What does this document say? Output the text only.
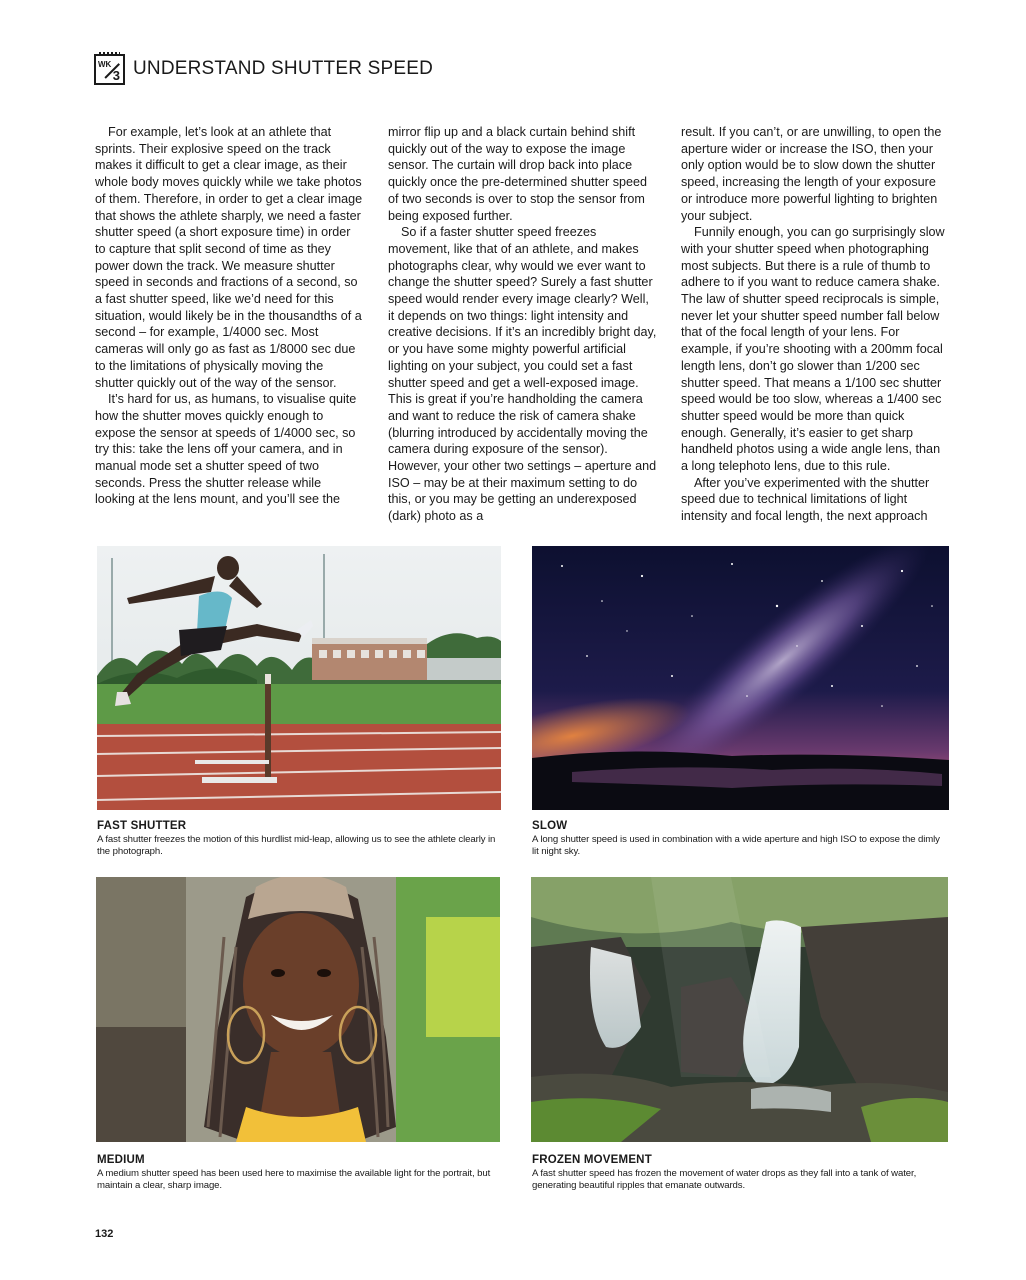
WK
3 UNDERSTAND SHUTTER SPEED

For example, let’s look at an athlete that sprints. Their explosive speed on the track makes it difficult to get a clear image, as their whole body moves quickly while we take photos of them. Therefore, in order to get a clear image that shows the athlete sharply, we need a faster shutter speed (a short exposure time) in order to capture that split second of time as they power down the track. We measure shutter speed in seconds and fractions of a second, so a fast shutter speed, like we’d need for this situation, would likely be in the thousandths of a second – for example, 1/4000 sec. Most cameras will only go as fast as 1/8000 sec due to the limitations of physically moving the shutter quickly out of the way of the sensor.

It’s hard for us, as humans, to visualise quite how the shutter moves quickly enough to expose the sensor at speeds of 1/4000 sec, so try this: take the lens off your camera, and in manual mode set a shutter speed of two seconds. Press the shutter release while looking at the lens mount, and you’ll see the

mirror flip up and a black curtain behind shift quickly out of the way to expose the image sensor. The curtain will drop back into place quickly once the pre-determined shutter speed of two seconds is over to stop the sensor from being exposed further.

So if a faster shutter speed freezes movement, like that of an athlete, and makes photographs clear, why would we ever want to change the shutter speed? Surely a fast shutter speed would render every image clearly? Well, it depends on two things: light intensity and creative decisions. If it’s an incredibly bright day, or you have some mighty powerful artificial lighting on your subject, you could set a fast shutter speed and get a well-exposed image. This is great if you’re handholding the camera and want to reduce the risk of camera shake (blurring introduced by accidentally moving the camera during exposure of the sensor). However, your other two settings – aperture and ISO – may be at their maximum setting to do this, or you may be getting an underexposed (dark) photo as a

result. If you can’t, or are unwilling, to open the aperture wider or increase the ISO, then your only option would be to slow down the shutter speed, increasing the length of your exposure or introduce more powerful lighting to brighten your subject.

Funnily enough, you can go surprisingly slow with your shutter speed when photographing most subjects. But there is a rule of thumb to adhere to if you want to reduce camera shake. The law of shutter speed reciprocals is simple, never let your shutter speed number fall below that of the focal length of your lens. For example, if you’re shooting with a 200mm focal length lens, don’t go slower than 1/200 sec shutter speed. That means a 1/100 sec shutter speed would be too slow, whereas a 1/400 sec shutter speed would be more than quick enough. Generally, it’s easier to get sharp handheld photos using a wide angle lens, than a long telephoto lens, due to this rule.

After you’ve experimented with the shutter speed due to technical limitations of light intensity and focal length, the next approach

FAST SHUTTER
A fast shutter freezes the motion of this hurdlist mid-leap, allowing us to see the athlete clearly in the photograph.
SLOW
A long shutter speed is used in combination with a wide aperture and high ISO to expose the dimly lit night sky.
MEDIUM
A medium shutter speed has been used here to maximise the available light for the portrait, but maintain a clear, sharp image.
FROZEN MOVEMENT
A fast shutter speed has frozen the movement of water drops as they fall into a tank of water, generating beautiful ripples that emanate outwards.
132
